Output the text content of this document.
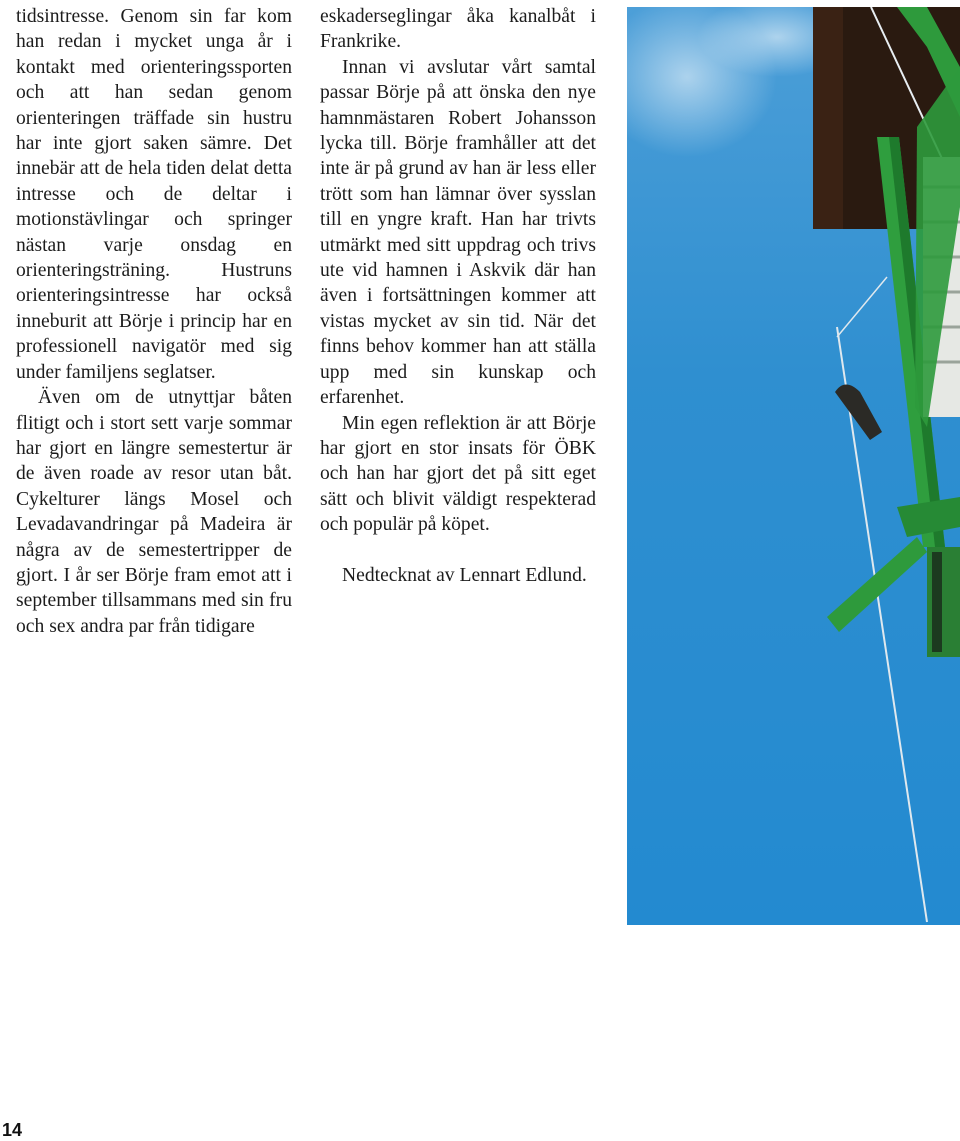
tidsintresse. Genom sin far kom han redan i mycket unga år i kontakt med orienteringssporten och att han sedan genom orienteringen träffade sin hustru har inte gjort saken sämre. Det innebär att de hela tiden delat detta intresse och de deltar i motionstävlingar och springer nästan varje onsdag en orienteringsträning. Hustruns orienteringsintresse har också inneburit att Börje i princip har en professionell navigatör med sig under familjens seglatser.

Även om de utnyttjar båten flitigt och i stort sett varje sommar har gjort en längre semestertur är de även roade av resor utan båt. Cykelturer längs Mosel och Levadavandringar på Madeira är några av de semestertripper de gjort. I år ser Börje fram emot att i september tillsammans med sin fru och sex andra par från tidigare

eskaderseglingar åka kanalbåt i Frankrike.

Innan vi avslutar vårt samtal passar Börje på att önska den nye hamnmästaren Robert Johansson lycka till. Börje framhåller att det inte är på grund av han är less eller trött som han lämnar över sysslan till en yngre kraft. Han har trivts utmärkt med sitt uppdrag och trivs ute vid hamnen i Askvik där han även i fortsättningen kommer att vistas mycket av sin tid. När det finns behov kommer han att ställa upp med sin kunskap och erfarenhet.

Min egen reflektion är att Börje har gjort en stor insats för ÖBK och han har gjort det på sitt eget sätt och blivit väldigt respekterad och populär på köpet.

Nedtecknat av Lennart Edlund.

14
